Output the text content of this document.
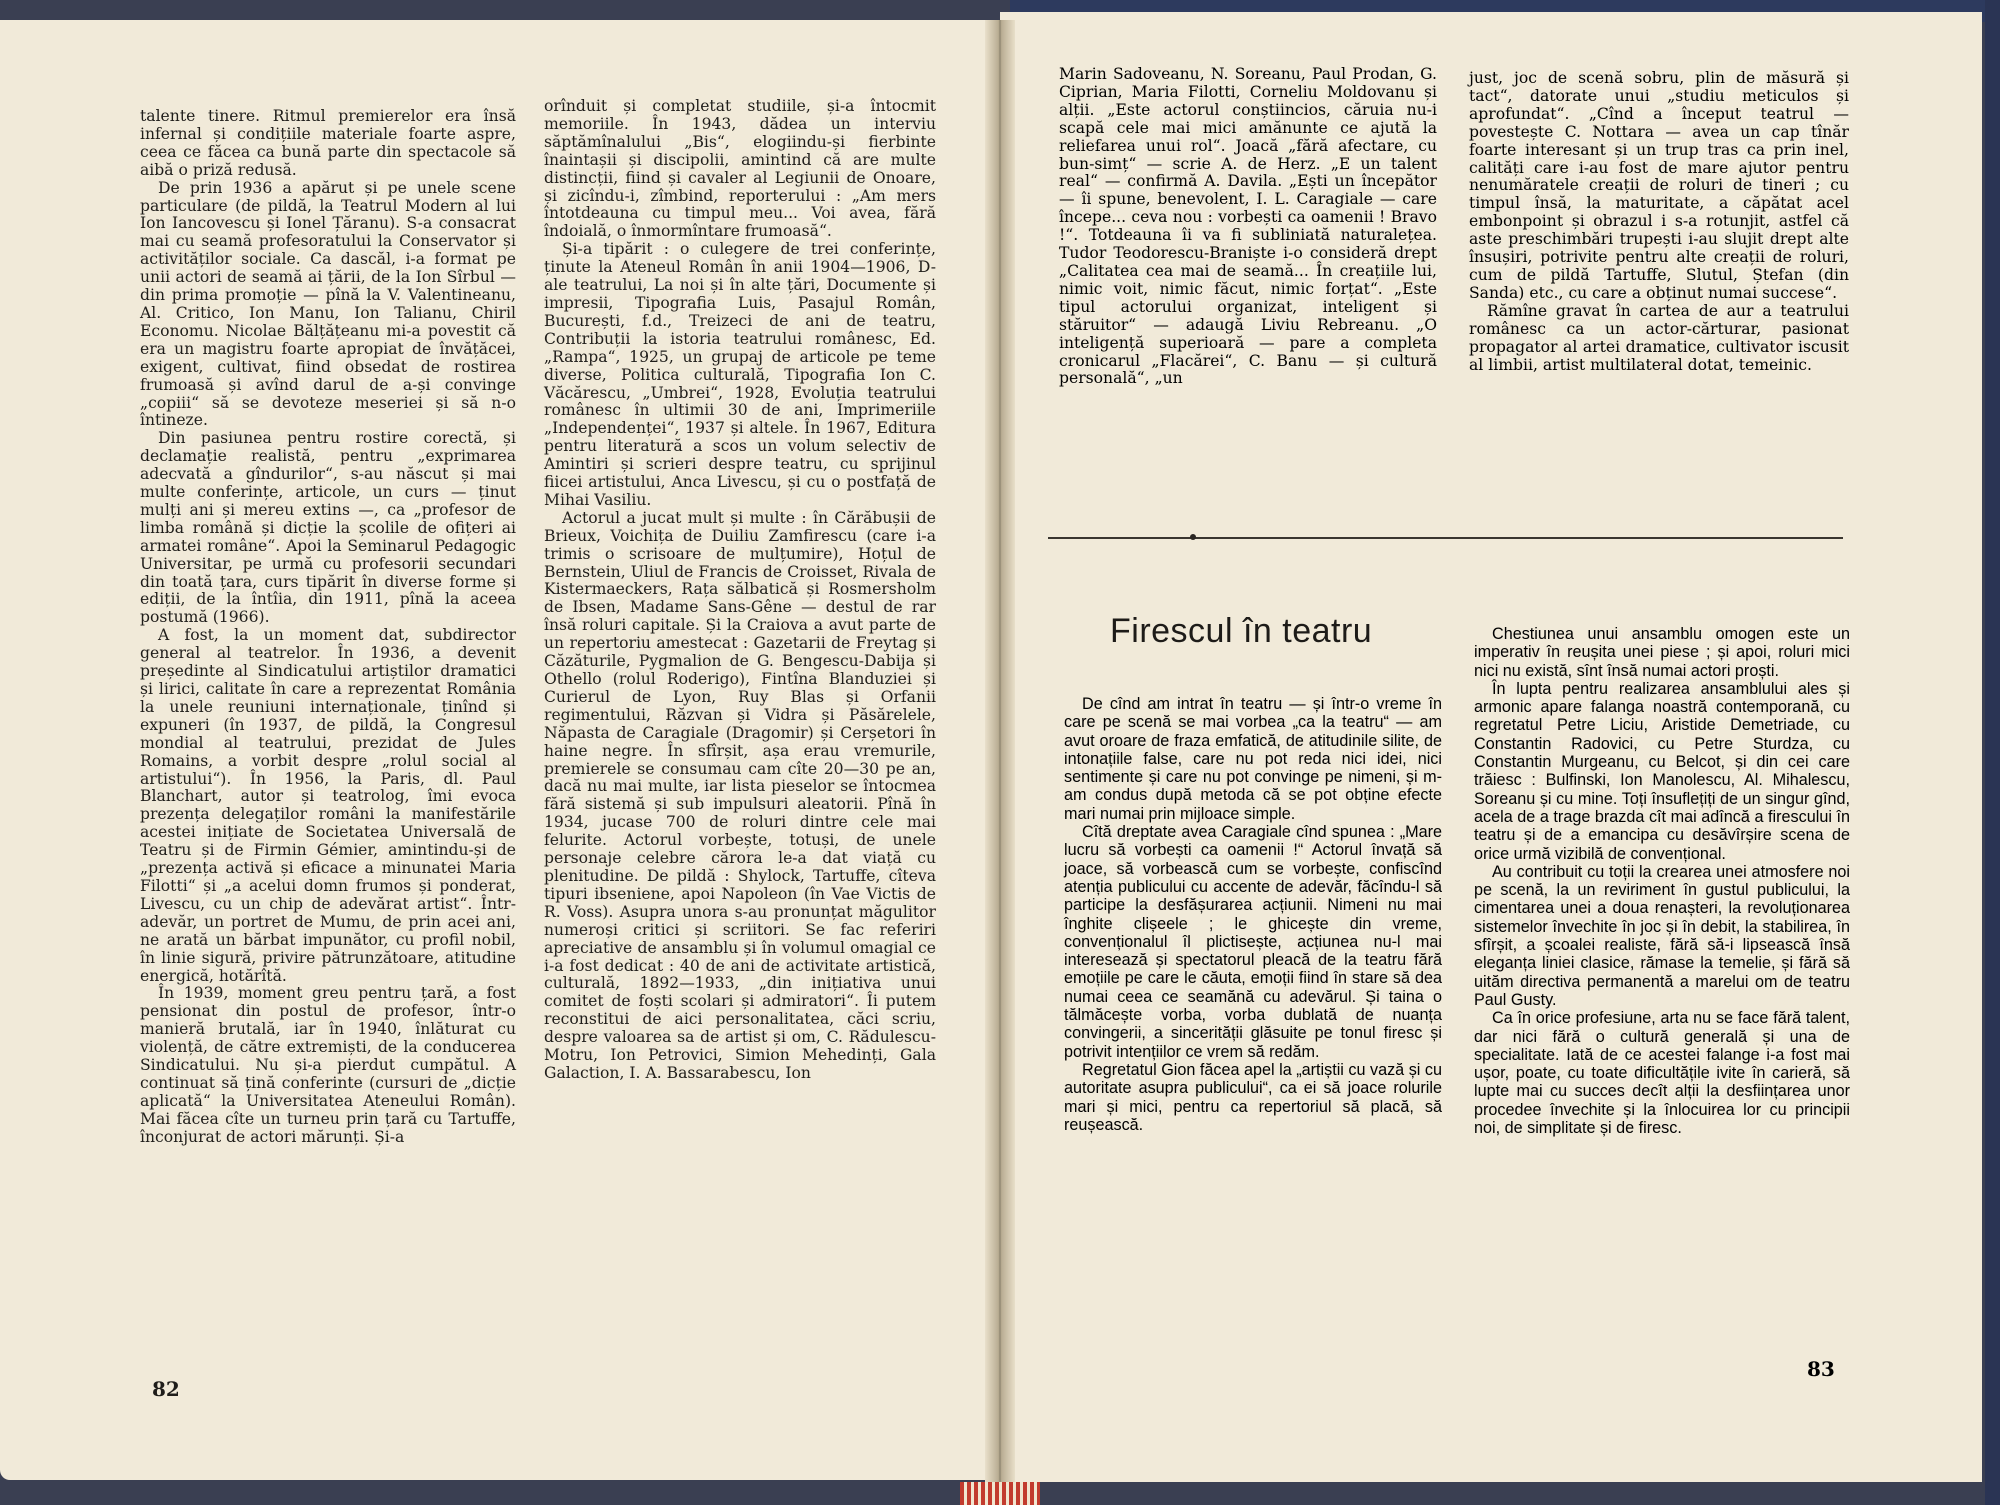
talente tinere. Ritmul premierelor era însă infernal și condițiile materiale foarte aspre, ceea ce făcea ca bună parte din spectacole să aibă o priză redusă.

De prin 1936 a apărut și pe unele scene particulare (de pildă, la Teatrul Modern al lui Ion Iancovescu și Ionel Țăranu). S-a consacrat mai cu seamă profesoratului la Conservator și activităților sociale. Ca dascăl, i-a format pe unii actori de seamă ai țării, de la Ion Sîrbul — din prima promoție — pînă la V. Valentineanu, Al. Critico, Ion Manu, Ion Talianu, Chiril Economu. Nicolae Bălțățeanu mi-a povestit că era un magistru foarte apropiat de învățăcei, exigent, cultivat, fiind obsedat de rostirea frumoasă și avînd darul de a-și convinge „copiii“ să se devoteze meseriei și să n-o întineze.

Din pasiunea pentru rostire corectă, și declamație realistă, pentru „exprimarea adecvată a gîndurilor“, s-au născut și mai multe conferințe, articole, un curs — ținut mulți ani și mereu extins —, ca „profesor de limba română și dicție la școlile de ofițeri ai armatei române“. Apoi la Seminarul Pedagogic Universitar, pe urmă cu profesorii secundari din toată țara, curs tipărit în diverse forme și ediții, de la întîia, din 1911, pînă la aceea postumă (1966).

A fost, la un moment dat, subdirector general al teatrelor. În 1936, a devenit președinte al Sindicatului artiștilor dramatici și lirici, calitate în care a reprezentat România la unele reuniuni internaționale, ținînd și expuneri (în 1937, de pildă, la Congresul mondial al teatrului, prezidat de Jules Romains, a vorbit despre „rolul social al artistului“). În 1956, la Paris, dl. Paul Blanchart, autor și teatrolog, îmi evoca prezența delegaților români la manifestările acestei inițiate de Societatea Universală de Teatru și de Firmin Gémier, amintindu-și de „prezența activă și eficace a minunatei Maria Filotti“ și „a acelui domn frumos și ponderat, Livescu, cu un chip de adevărat artist“. Într-adevăr, un portret de Mumu, de prin acei ani, ne arată un bărbat impunător, cu profil nobil, în linie sigură, privire pătrunzătoare, atitudine energică, hotărîtă.

În 1939, moment greu pentru țară, a fost pensionat din postul de profesor, într-o manieră brutală, iar în 1940, înlăturat cu violență, de către extremiști, de la conducerea Sindicatului. Nu și-a pierdut cumpătul. A continuat să țină conferinte (cursuri de „dicție aplicată“ la Universitatea Ateneului Român). Mai făcea cîte un turneu prin țară cu Tartuffe, înconjurat de actori mărunți. Și-a

orînduit și completat studiile, și-a întocmit memoriile. În 1943, dădea un interviu săptămînalului „Bis“, elogiindu-și fierbinte înaintașii și discipolii, amintind că are multe distincții, fiind și cavaler al Legiunii de Onoare, și zicîndu-i, zîmbind, reporterului : „Am mers întotdeauna cu timpul meu... Voi avea, fără îndoială, o înmormîntare frumoasă“.

Și-a tipărit : o culegere de trei conferințe, ținute la Ateneul Român în anii 1904—1906, D-ale teatrului, La noi și în alte țări, Documente și impresii, Tipografia Luis, Pasajul Român, București, f.d., Treizeci de ani de teatru, Contribuții la istoria teatrului românesc, Ed. „Rampa“, 1925, un grupaj de articole pe teme diverse, Politica culturală, Tipografia Ion C. Văcărescu, „Umbrei“, 1928, Evoluția teatrului românesc în ultimii 30 de ani, Imprimeriile „Independenței“, 1937 și altele. În 1967, Editura pentru literatură a scos un volum selectiv de Amintiri și scrieri despre teatru, cu sprijinul fiicei artistului, Anca Livescu, și cu o postfață de Mihai Vasiliu.

Actorul a jucat mult și multe : în Cărăbușii de Brieux, Voichița de Duiliu Zamfirescu (care i-a trimis o scrisoare de mulțumire), Hoțul de Bernstein, Uliul de Francis de Croisset, Rivala de Kistermaeckers, Rața sălbatică și Rosmersholm de Ibsen, Madame Sans-Gêne — destul de rar însă roluri capitale. Și la Craiova a avut parte de un repertoriu amestecat : Gazetarii de Freytag și Căzăturile, Pygmalion de G. Bengescu-Dabija și Othello (rolul Roderigo), Fintîna Blanduziei și Curierul de Lyon, Ruy Blas și Orfanii regimentului, Răzvan și Vidra și Păsărelele, Năpasta de Caragiale (Dragomir) și Cerșetori în haine negre. În sfîrșit, așa erau vremurile, premierele se consumau cam cîte 20—30 pe an, dacă nu mai multe, iar lista pieselor se întocmea fără sistemă și sub impulsuri aleatorii. Pînă în 1934, jucase 700 de roluri dintre cele mai felurite. Actorul vorbește, totuși, de unele personaje celebre cărora le-a dat viață cu plenitudine. De pildă : Shylock, Tartuffe, cîteva tipuri ibseniene, apoi Napoleon (în Vae Victis de R. Voss). Asupra unora s-au pronunțat măgulitor numeroși critici și scriitori. Se fac referiri apreciative de ansamblu și în volumul omagial ce i-a fost dedicat : 40 de ani de activitate artistică, culturală, 1892—1933, „din inițiativa unui comitet de foști scolari și admiratori“. Îi putem reconstitui de aici personalitatea, căci scriu, despre valoarea sa de artist și om, C. Rădulescu-Motru, Ion Petrovici, Simion Mehedinți, Gala Galaction, I. A. Bassarabescu, Ion

82

Marin Sadoveanu, N. Soreanu, Paul Prodan, G. Ciprian, Maria Filotti, Corneliu Moldovanu și alții. „Este actorul conștiincios, căruia nu-i scapă cele mai mici amănunte ce ajută la reliefarea unui rol“. Joacă „fără afectare, cu bun-simț“ — scrie A. de Herz. „E un talent real“ — confirmă A. Davila. „Ești un începător — îi spune, benevolent, I. L. Caragiale — care începe... ceva nou : vorbești ca oamenii ! Bravo !“. Totdeauna îi va fi subliniată naturalețea. Tudor Teodorescu-Braniște i-o consideră drept „Calitatea cea mai de seamă... În creațiile lui, nimic voit, nimic făcut, nimic forțat“. „Este tipul actorului organizat, inteligent și stăruitor“ — adaugă Liviu Rebreanu. „O inteligență superioară — pare a completa cronicarul „Flacărei“, C. Banu — și cultură personală“, „un

just, joc de scenă sobru, plin de măsură și tact“, datorate unui „studiu meticulos și aprofundat“. „Cînd a început teatrul — povestește C. Nottara — avea un cap tînăr foarte interesant și un trup tras ca prin inel, calități care i-au fost de mare ajutor pentru nenumăratele creații de roluri de tineri ; cu timpul însă, la maturitate, a căpătat acel embonpoint și obrazul i s-a rotunjit, astfel că aste preschimbări trupești i-au slujit drept alte însușiri, potrivite pentru alte creații de roluri, cum de pildă Tartuffe, Slutul, Ștefan (din Sanda) etc., cu care a obținut numai succese“.

Rămîne gravat în cartea de aur a teatrului românesc ca un actor-cărturar, pasionat propagator al artei dramatice, cultivator iscusit al limbii, artist multilateral dotat, temeinic.

Firescul în teatru

De cînd am intrat în teatru — și într-o vreme în care pe scenă se mai vorbea „ca la teatru“ — am avut oroare de fraza emfatică, de atitudinile silite, de intonațiile false, care nu pot reda nici idei, nici sentimente și care nu pot convinge pe nimeni, și m-am condus după metoda că se pot obține efecte mari numai prin mijloace simple.

Cîtă dreptate avea Caragiale cînd spunea : „Mare lucru să vorbești ca oamenii !“ Actorul învață să joace, să vorbească cum se vorbește, confiscînd atenția publicului cu accente de adevăr, făcîndu-l să participe la desfășurarea acțiunii. Nimeni nu mai înghite clișeele ; le ghicește din vreme, convenționalul îl plictisește, acțiunea nu-l mai interesează și spectatorul pleacă de la teatru fără emoțiile pe care le căuta, emoții fiind în stare să dea numai ceea ce seamănă cu adevărul. Și taina o tălmăcește vorba, vorba dublată de nuanța convingerii, a sincerității glăsuite pe tonul firesc și potrivit intențiilor ce vrem să redăm.

Regretatul Gion făcea apel la „artiștii cu vază și cu autoritate asupra publicului“, ca ei să joace rolurile mari și mici, pentru ca repertoriul să placă, să reușească.

Chestiunea unui ansamblu omogen este un imperativ în reușita unei piese ; și apoi, roluri mici nici nu există, sînt însă numai actori proști.

În lupta pentru realizarea ansamblului ales și armonic apare falanga noastră contemporană, cu regretatul Petre Liciu, Aristide Demetriade, cu Constantin Radovici, cu Petre Sturdza, cu Constantin Murgeanu, cu Belcot, și din cei care trăiesc : Bulfinski, Ion Manolescu, Al. Mihalescu, Soreanu și cu mine. Toți însuflețiți de un singur gînd, acela de a trage brazda cît mai adîncă a firescului în teatru și de a emancipa cu desăvîrșire scena de orice urmă vizibilă de convențional.

Au contribuit cu toții la crearea unei atmosfere noi pe scenă, la un reviriment în gustul publicului, la cimentarea unei a doua renașteri, la revoluționarea sistemelor învechite în joc și în debit, la stabilirea, în sfîrșit, a școalei realiste, fără să-i lipsească însă eleganța liniei clasice, rămase la temelie, și fără să uităm directiva permanentă a marelui om de teatru Paul Gusty.

Ca în orice profesiune, arta nu se face fără talent, dar nici fără o cultură generală și una de specialitate. Iată de ce acestei falange i-a fost mai ușor, poate, cu toate dificultățile ivite în carieră, să lupte mai cu succes decît alții la desființarea unor procedee învechite și la înlocuirea lor cu principii noi, de simplitate și de firesc.

83
